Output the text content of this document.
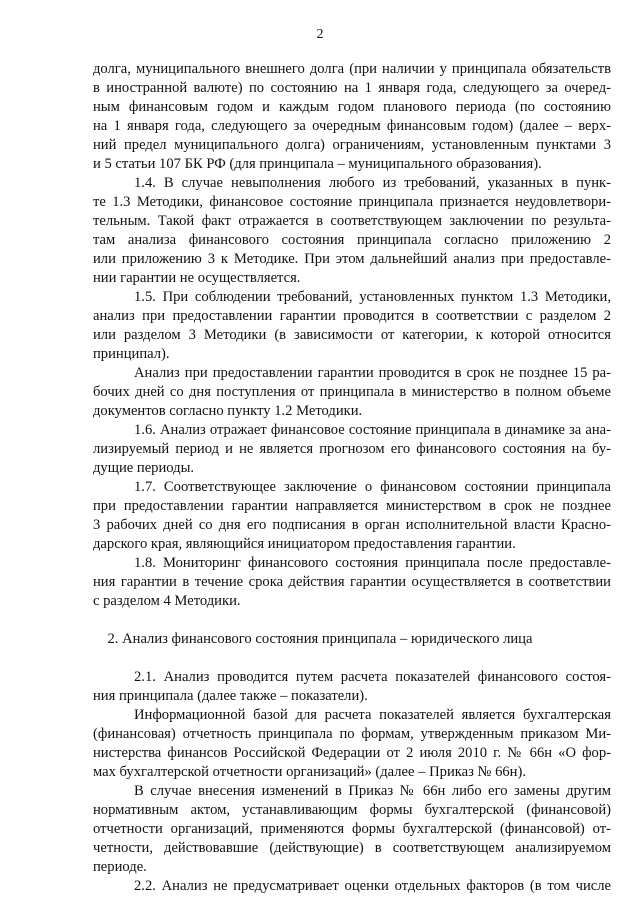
2
долга, муниципального внешнего долга (при наличии у принципала обязательств
в иностранной валюте) по состоянию на 1 января года, следующего за очеред-
ным финансовым годом и каждым годом планового периода (по состоянию
на 1 января года, следующего за очередным финансовым годом) (далее – верх-
ний предел муниципального долга) ограничениям, установленным пунктами 3
и 5 статьи 107 БК РФ (для принципала – муниципального образования).
1.4. В случае невыполнения любого из требований, указанных в пунк-
те 1.3 Методики, финансовое состояние принципала признается неудовлетвори-
тельным. Такой факт отражается в соответствующем заключении по результа-
там анализа финансового состояния принципала согласно приложению 2
или приложению 3 к Методике. При этом дальнейший анализ при предоставле-
нии гарантии не осуществляется.
1.5. При соблюдении требований, установленных пунктом 1.3 Методики,
анализ при предоставлении гарантии проводится в соответствии с разделом 2
или разделом 3 Методики (в зависимости от категории, к которой относится
принципал).
Анализ при предоставлении гарантии проводится в срок не позднее 15 ра-
бочих дней со дня поступления от принципала в министерство в полном объеме
документов согласно пункту 1.2 Методики.
1.6. Анализ отражает финансовое состояние принципала в динамике за ана-
лизируемый период и не является прогнозом его финансового состояния на бу-
дущие периоды.
1.7. Соответствующее заключение о финансовом состоянии принципала
при предоставлении гарантии направляется министерством в срок не позднее
3 рабочих дней со дня его подписания в орган исполнительной власти Красно-
дарского края, являющийся инициатором предоставления гарантии.
1.8. Мониторинг финансового состояния принципала после предоставле-
ния гарантии в течение срока действия гарантии осуществляется в соответствии
с разделом 4 Методики.
2. Анализ финансового состояния принципала – юридического лица
2.1. Анализ проводится путем расчета показателей финансового состоя-
ния принципала (далее также – показатели).
Информационной базой для расчета показателей является бухгалтерская
(финансовая) отчетность принципала по формам, утвержденным приказом Ми-
нистерства финансов Российской Федерации от 2 июля 2010 г. № 66н «О фор-
мах бухгалтерской отчетности организаций» (далее – Приказ № 66н).
В случае внесения изменений в Приказ № 66н либо его замены другим
нормативным актом, устанавливающим формы бухгалтерской (финансовой)
отчетности организаций, применяются формы бухгалтерской (финансовой) от-
четности, действовавшие (действующие) в соответствующем анализируемом
периоде.
2.2. Анализ не предусматривает оценки отдельных факторов (в том числе
